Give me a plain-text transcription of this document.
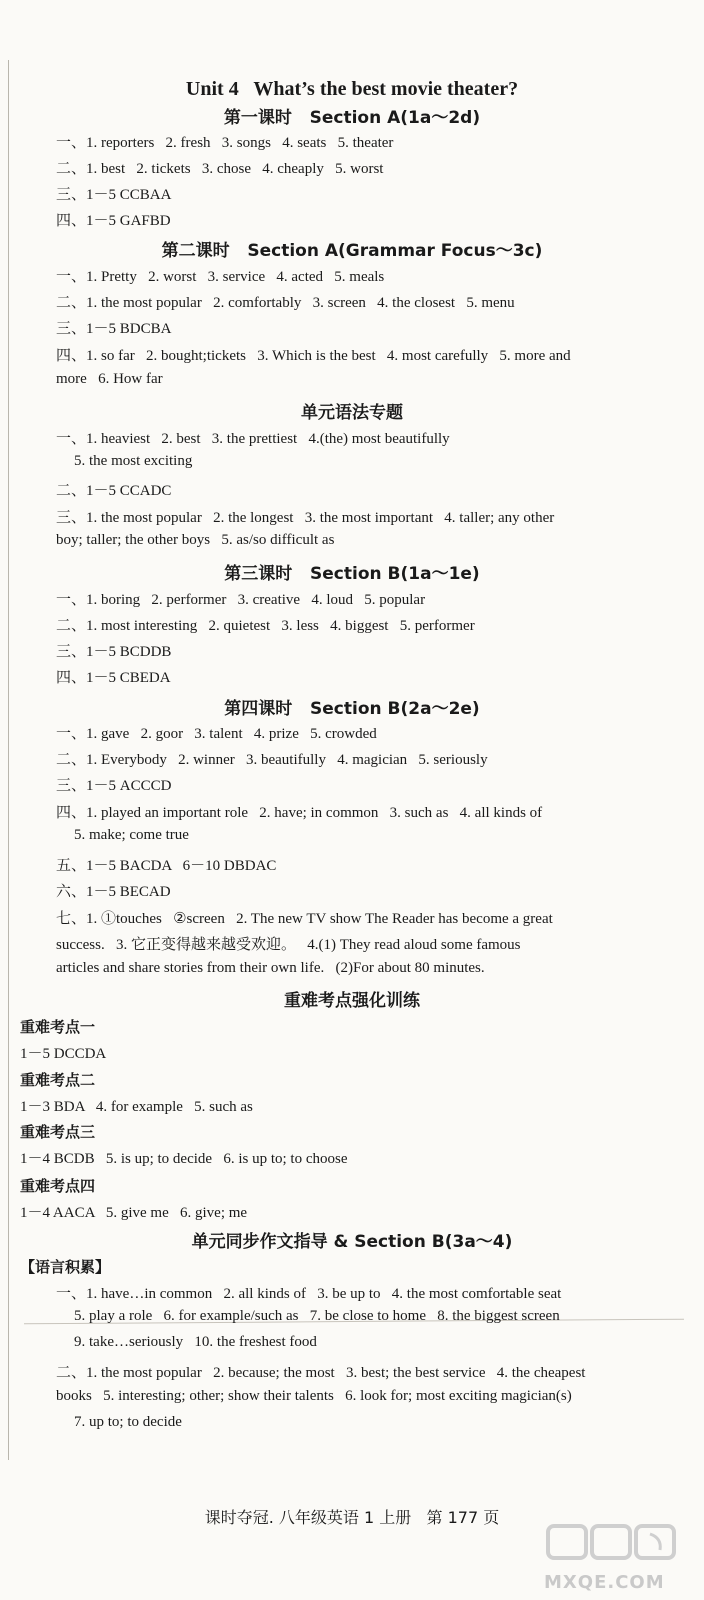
Unit 4   What’s the best movie theater?
第一课时   Section A(1a～2d)
一、1. reporters   2. fresh   3. songs   4. seats   5. theater
二、1. best   2. tickets   3. chose   4. cheaply   5. worst
三、1－5 CCBAA
四、1－5 GAFBD
第二课时   Section A(Grammar Focus～3c)
一、1. Pretty   2. worst   3. service   4. acted   5. meals
二、1. the most popular   2. comfortably   3. screen   4. the closest   5. menu
三、1－5 BDCBA
四、1. so far   2. bought;tickets   3. Which is the best   4. most carefully   5. more and
more   6. How far
单元语法专题
一、1. heaviest   2. best   3. the prettiest   4.(the) most beautifully
5. the most exciting
二、1－5 CCADC
三、1. the most popular   2. the longest   3. the most important   4. taller; any other
boy; taller; the other boys   5. as/so difficult as
第三课时   Section B(1a～1e)
一、1. boring   2. performer   3. creative   4. loud   5. popular
二、1. most interesting   2. quietest   3. less   4. biggest   5. performer
三、1－5 BCDDB
四、1－5 CBEDA
第四课时   Section B(2a～2e)
一、1. gave   2. goor   3. talent   4. prize   5. crowded
二、1. Everybody   2. winner   3. beautifully   4. magician   5. seriously
三、1－5 ACCCD
四、1. played an important role   2. have; in common   3. such as   4. all kinds of
5. make; come true
五、1－5 BACDA   6－10 DBDAC
六、1－5 BECAD
七、1. ①touches   ②screen   2. The new TV show The Reader has become a great
success.   3. 它正变得越来越受欢迎。   4.(1) They read aloud some famous
articles and share stories from their own life.   (2)For about 80 minutes.
重难考点强化训练
重难考点一
1－5 DCCDA
重难考点二
1－3 BDA   4. for example   5. such as
重难考点三
1－4 BCDB   5. is up; to decide   6. is up to; to choose
重难考点四
1－4 AACA   5. give me   6. give; me
单元同步作文指导 & Section B(3a～4)
【语言积累】
一、1. have…in common   2. all kinds of   3. be up to   4. the most comfortable seat
5. play a role   6. for example/such as   7. be close to home   8. the biggest screen
9. take…seriously   10. the freshest food
二、1. the most popular   2. because; the most   3. best; the best service   4. the cheapest
books   5. interesting; other; show their talents   6. look for; most exciting magician(s)
7. up to; to decide
课时夺冠. 八年级英语 1 上册   第 177 页
MXQE.COM
